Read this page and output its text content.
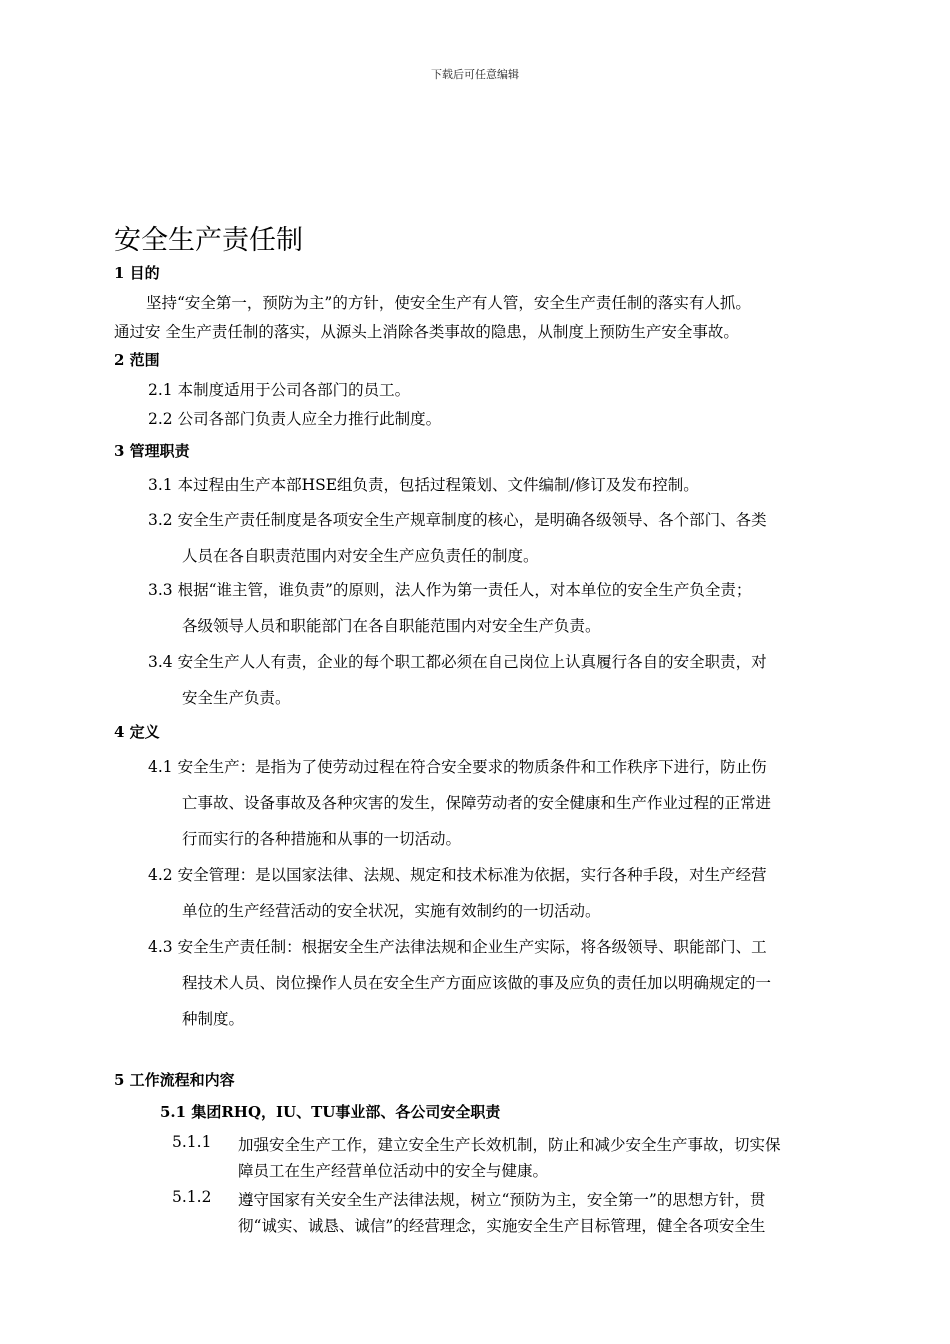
下载后可任意编辑
安全生产责任制
1 目的
坚持“安全第一，预防为主”的方针，使安全生产有人管，安全生产责任制的落实有人抓。
通过安 全生产责任制的落实，从源头上消除各类事故的隐患，从制度上预防生产安全事故。
2 范围
2.1 本制度适用于公司各部门的员工。
2.2 公司各部门负责人应全力推行此制度。
3 管理职责
3.1 本过程由生产本部HSE组负责，包括过程策划、文件编制/修订及发布控制。
3.2 安全生产责任制度是各项安全生产规章制度的核心，是明确各级领导、各个部门、各类
人员在各自职责范围内对安全生产应负责任的制度。
3.3 根据“谁主管，谁负责”的原则，法人作为第一责任人，对本单位的安全生产负全责；
各级领导人员和职能部门在各自职能范围内对安全生产负责。
3.4 安全生产人人有责，企业的每个职工都必须在自己岗位上认真履行各自的安全职责，对
安全生产负责。
4 定义
4.1 安全生产：是指为了使劳动过程在符合安全要求的物质条件和工作秩序下进行，防止伤
亡事故、设备事故及各种灾害的发生，保障劳动者的安全健康和生产作业过程的正常进
行而实行的各种措施和从事的一切活动。
4.2 安全管理：是以国家法律、法规、规定和技术标准为依据，实行各种手段，对生产经营
单位的生产经营活动的安全状况，实施有效制约的一切活动。
4.3 安全生产责任制：根据安全生产法律法规和企业生产实际，将各级领导、职能部门、工
程技术人员、岗位操作人员在安全生产方面应该做的事及应负的责任加以明确规定的一
种制度。
5 工作流程和内容
5.1 集团RHQ，IU、TU事业部、各公司安全职责
5.1.1 加强安全生产工作，建立安全生产长效机制，防止和减少安全生产事故，切实保
障员工在生产经营单位活动中的安全与健康。
5.1.2 遵守国家有关安全生产法律法规，树立“预防为主，安全第一”的思想方针，贯
彻“诚实、诚恳、诚信”的经营理念，实施安全生产目标管理，健全各项安全生
